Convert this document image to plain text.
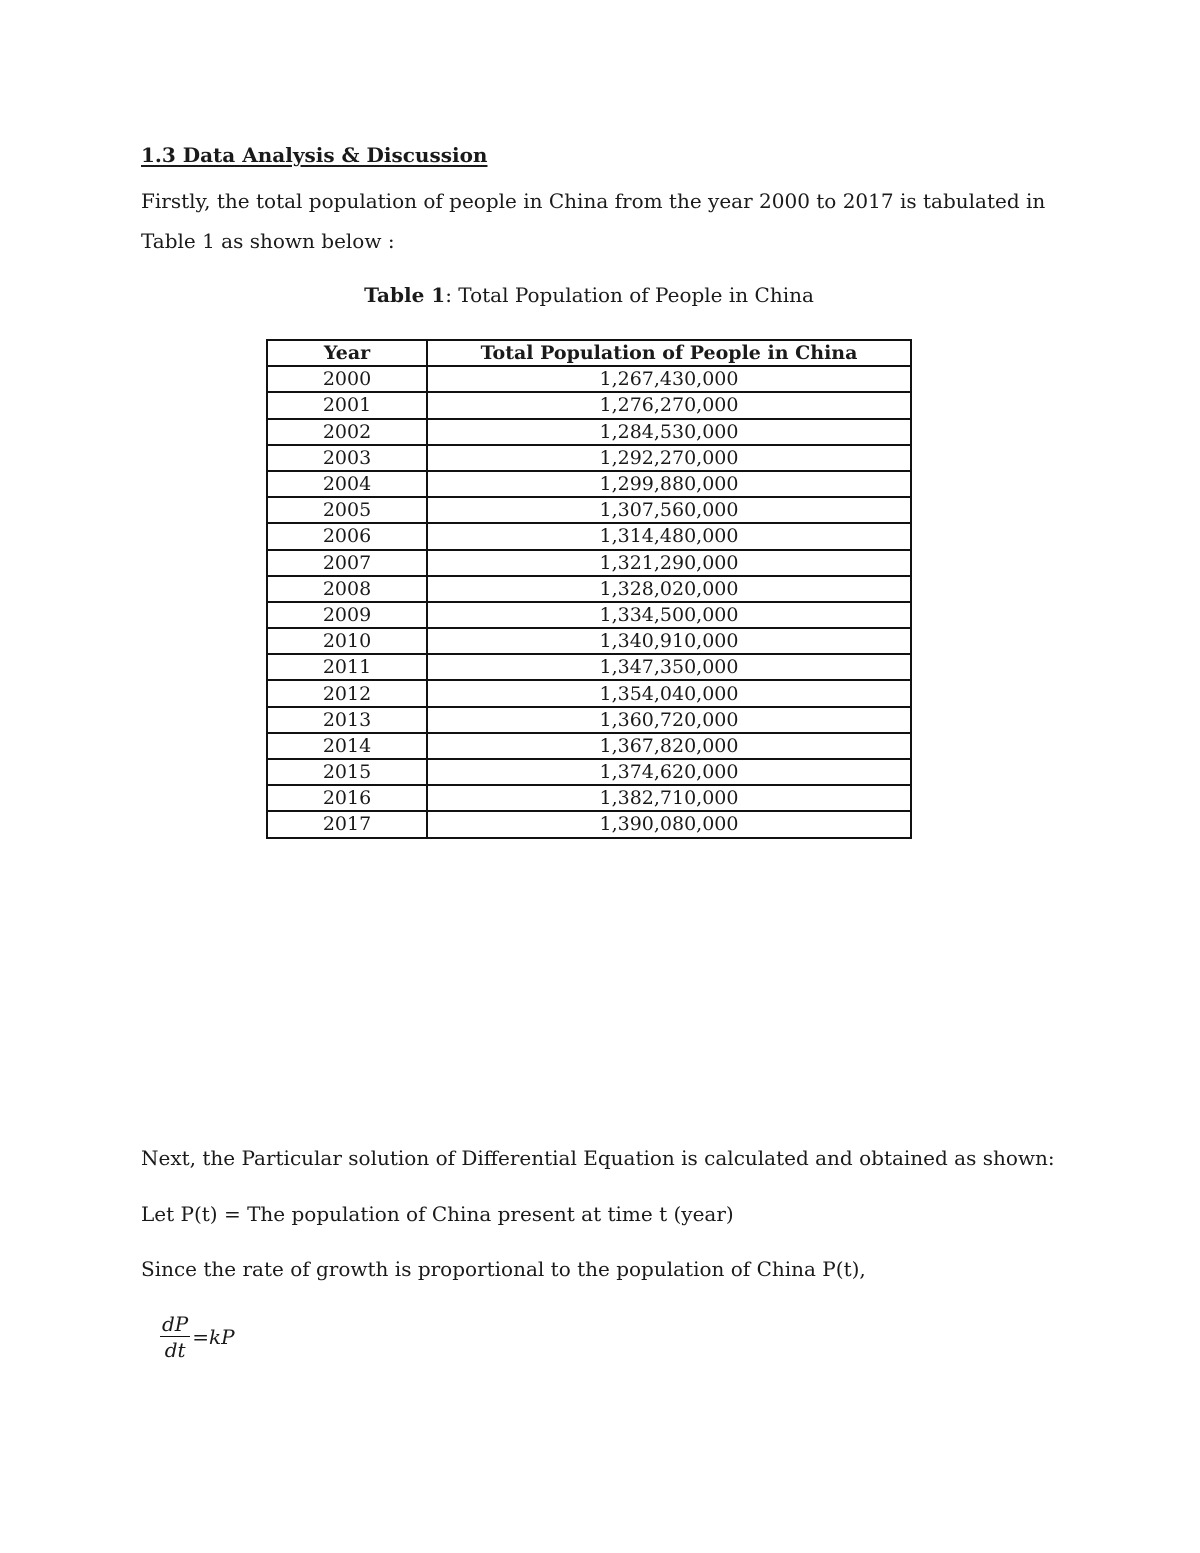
1.3 Data Analysis & Discussion

Firstly, the total population of people in China from the year 2000 to 2017 is tabulated in Table 1 as shown below :

Table 1: Total Population of People in China

Year	Total Population of People in China
2000	1,267,430,000
2001	1,276,270,000
2002	1,284,530,000
2003	1,292,270,000
2004	1,299,880,000
2005	1,307,560,000
2006	1,314,480,000
2007	1,321,290,000
2008	1,328,020,000
2009	1,334,500,000
2010	1,340,910,000
2011	1,347,350,000
2012	1,354,040,000
2013	1,360,720,000
2014	1,367,820,000
2015	1,374,620,000
2016	1,382,710,000
2017	1,390,080,000

Next, the Particular solution of Differential Equation is calculated and obtained as shown:

Let P(t) = The population of China present at time t (year)

Since the rate of growth is proportional to the population of China P(t),

$\frac{dP}{dt} =kP$
